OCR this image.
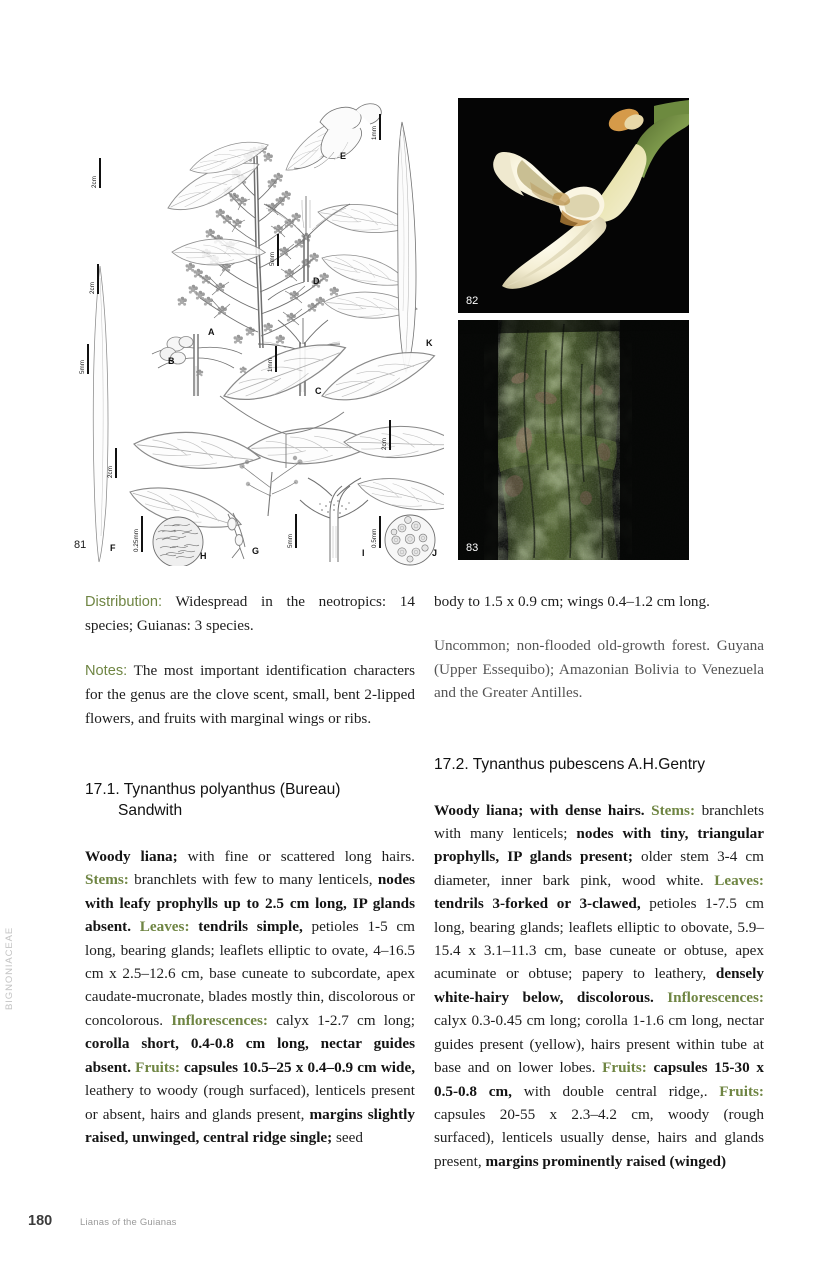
BIGNONIACEAE
81
A
B
C
D
E
F	G
H	I	J
K
2cm
2cm
5mm
2cm
0.25mm	5mm	0.5mm
1mm
5mm
1mm
2cm
82
83

Distribution: Widespread in the neotropics: 14 species; Guianas: 3 species.

Notes: The most important identification characters for the genus are the clove scent, small, bent 2-lipped flowers, and fruits with marginal wings or ribs.

17.1. Tynanthus polyanthus (Bureau)
Sandwith

Woody liana; with fine or scattered long hairs. Stems: branchlets with few to many lenticels, nodes with leafy prophylls up to 2.5 cm long, IP glands absent. Leaves: tendrils simple, petioles 1-5 cm long, bearing glands; leaflets elliptic to ovate, 4–16.5 cm x 2.5–12.6 cm, base cuneate to subcordate, apex caudate-mucronate, blades mostly thin, discolorous or concolorous. Inflorescences: calyx 1-2.7 cm long; corolla short, 0.4-0.8 cm long, nectar guides absent. Fruits: capsules 10.5–25 x 0.4–0.9 cm wide, leathery to woody (rough surfaced), lenticels present or absent, hairs and glands present, margins slightly raised, unwinged, central ridge single; seed

body to 1.5 x 0.9 cm; wings 0.4–1.2 cm long.

Uncommon; non-flooded old-growth forest. Guyana (Upper Essequibo); Amazonian Bolivia to Venezuela and the Greater Antilles.

17.2. Tynanthus pubescens A.H.Gentry

Woody liana; with dense hairs. Stems: branchlets with many lenticels; nodes with tiny, triangular prophylls, IP glands present; older stem 3-4 cm diameter, inner bark pink, wood white. Leaves: tendrils 3-forked or 3-clawed, petioles 1-7.5 cm long, bearing glands; leaflets elliptic to obovate, 5.9–15.4 x 3.1–11.3 cm, base cuneate or obtuse, apex acuminate or obtuse; papery to leathery, densely white-hairy below, discolorous. Inflorescences: calyx 0.3-0.45 cm long; corolla 1-1.6 cm long, nectar guides present (yellow), hairs present within tube at base and on lower lobes. Fruits: capsules 15-30 x 0.5-0.8 cm, with double central ridge,. Fruits: capsules 20-55 x 2.3–4.2 cm, woody (rough surfaced), lenticels usually dense, hairs and glands present, margins prominently raised (winged)

180	Lianas of the Guianas
